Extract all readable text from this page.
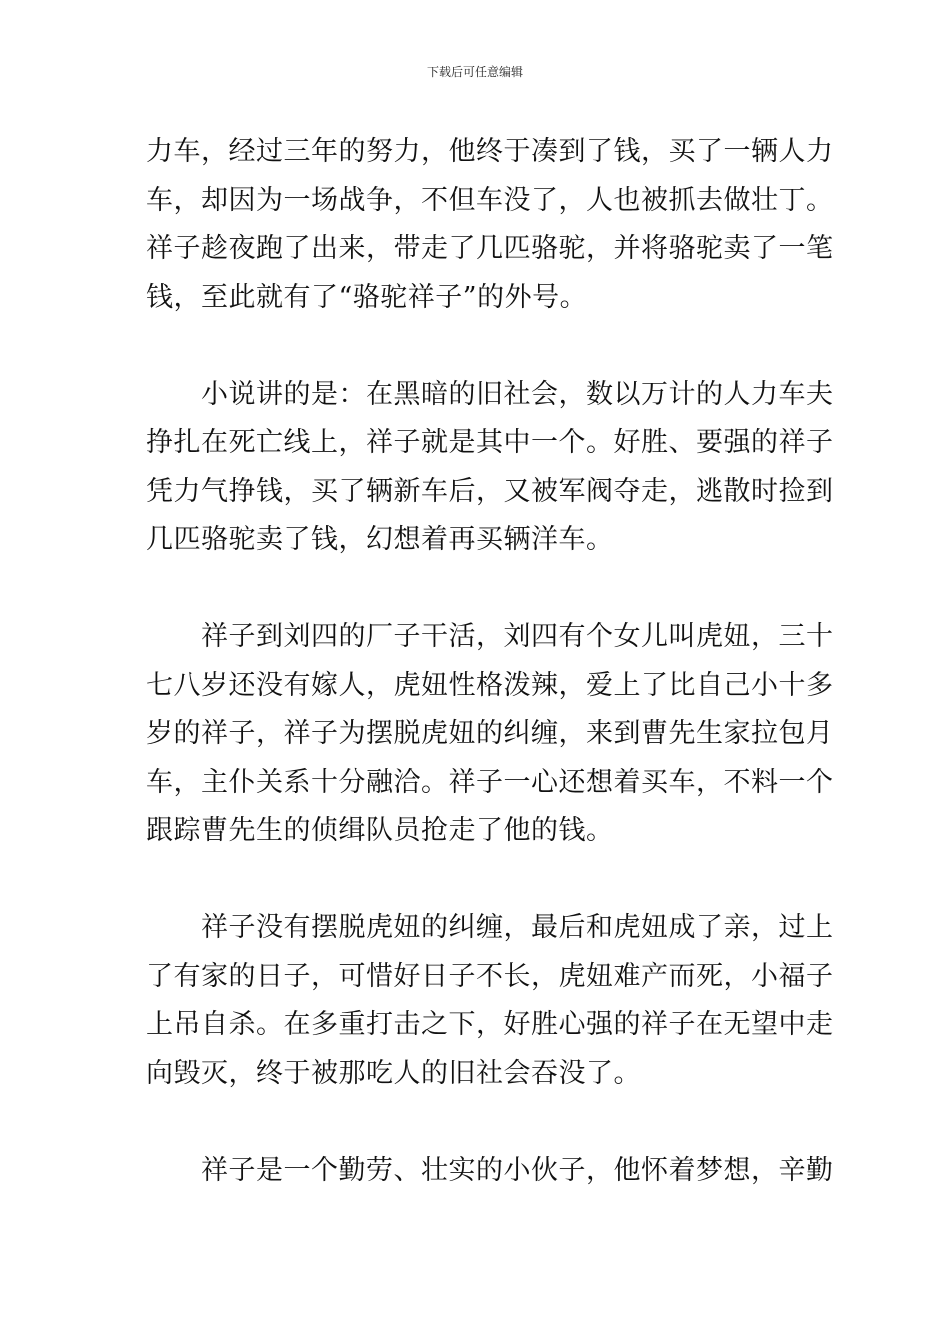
下载后可任意编辑
力车，经过三年的努力，他终于凑到了钱，买了一辆人力
车，却因为一场战争，不但车没了，人也被抓去做壮丁。
祥子趁夜跑了出来，带走了几匹骆驼，并将骆驼卖了一笔
钱，至此就有了“骆驼祥子”的外号。
　　小说讲的是：在黑暗的旧社会，数以万计的人力车夫
挣扎在死亡线上，祥子就是其中一个。好胜、要强的祥子
凭力气挣钱，买了辆新车后，又被军阀夺走，逃散时捡到
几匹骆驼卖了钱，幻想着再买辆洋车。
　　祥子到刘四的厂子干活，刘四有个女儿叫虎妞，三十
七八岁还没有嫁人，虎妞性格泼辣，爱上了比自己小十多
岁的祥子，祥子为摆脱虎妞的纠缠，来到曹先生家拉包月
车，主仆关系十分融洽。祥子一心还想着买车，不料一个
跟踪曹先生的侦缉队员抢走了他的钱。
　　祥子没有摆脱虎妞的纠缠，最后和虎妞成了亲，过上
了有家的日子，可惜好日子不长，虎妞难产而死，小福子
上吊自杀。在多重打击之下，好胜心强的祥子在无望中走
向毁灭，终于被那吃人的旧社会吞没了。
　　祥子是一个勤劳、壮实的小伙子，他怀着梦想，辛勤
